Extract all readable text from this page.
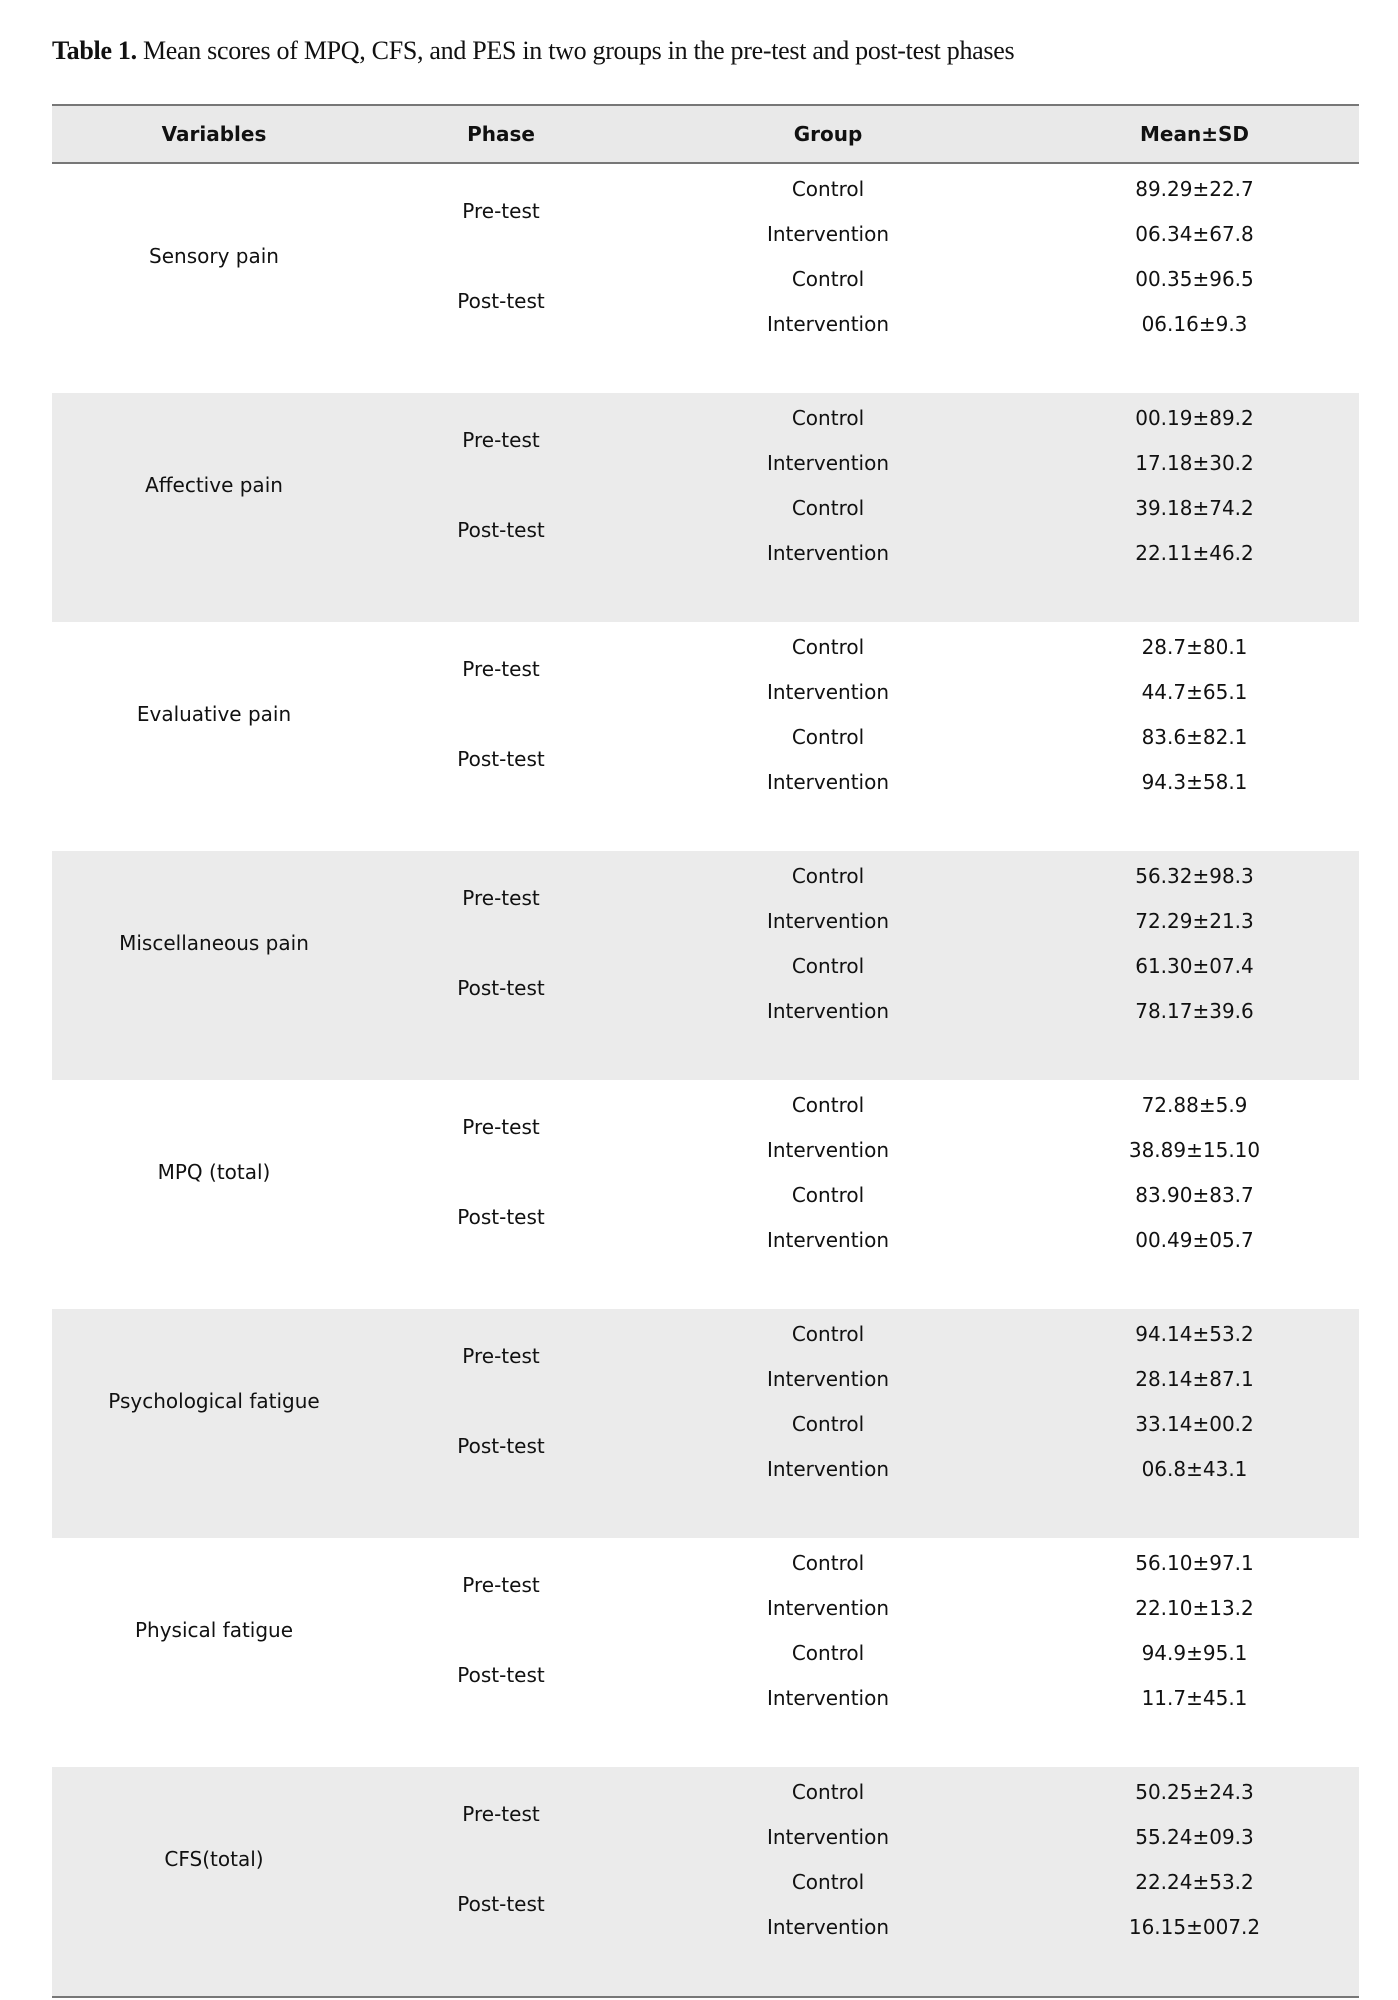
Table 1. Mean scores of MPQ, CFS, and PES in two groups in the pre-test and post-test phases
Variables	Phase	Group	Mean±SD
Sensory pain
Pre-test
Control	89.29±22.7
Intervention	06.34±67.8
Post-test
Control	00.35±96.5
Intervention	06.16±9.3
Affective pain
Pre-test
Control	00.19±89.2
Intervention	17.18±30.2
Post-test
Control	39.18±74.2
Intervention	22.11±46.2
Evaluative pain
Pre-test
Control	28.7±80.1
Intervention	44.7±65.1
Post-test
Control	83.6±82.1
Intervention	94.3±58.1
Miscellaneous pain
Pre-test
Control	56.32±98.3
Intervention	72.29±21.3
Post-test
Control	61.30±07.4
Intervention	78.17±39.6
MPQ (total)
Pre-test
Control	72.88±5.9
Intervention	38.89±15.10
Post-test
Control	83.90±83.7
Intervention	00.49±05.7
Psychological fatigue
Pre-test
Control	94.14±53.2
Intervention	28.14±87.1
Post-test
Control	33.14±00.2
Intervention	06.8±43.1
Physical fatigue
Pre-test
Control	56.10±97.1
Intervention	22.10±13.2
Post-test
Control	94.9±95.1
Intervention	11.7±45.1
CFS(total)
Pre-test
Control	50.25±24.3
Intervention	55.24±09.3
Post-test
Control	22.24±53.2
Intervention	16.15±007.2
